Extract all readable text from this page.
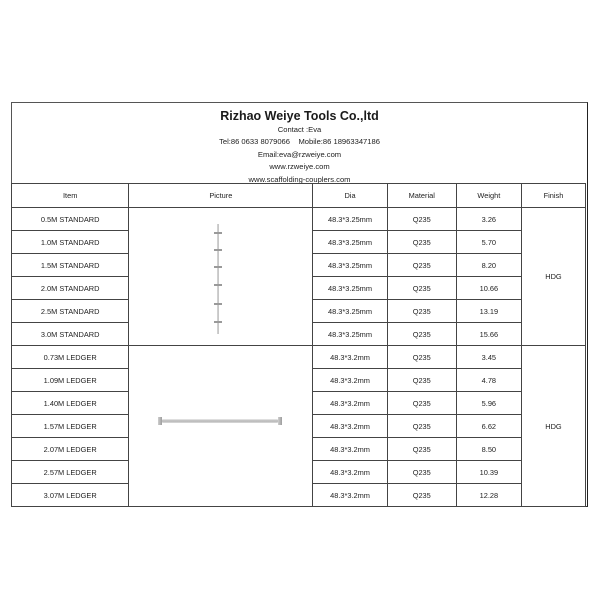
Rizhao Weiye Tools Co.,ltd
Contact :Eva
Tel:86 0633 8079066    Mobile:86 18963347186
Email:eva@rzweiye.com
www.rzweiye.com
www.scaffolding-couplers.com
Item	Picture	Dia	Material	Weight	Finish
0.5M STANDARD		48.3*3.25mm	Q235	3.26	HDG
1.0M STANDARD		48.3*3.25mm	Q235	5.70	
1.5M STANDARD		48.3*3.25mm	Q235	8.20	
2.0M STANDARD		48.3*3.25mm	Q235	10.66	
2.5M STANDARD		48.3*3.25mm	Q235	13.19	
3.0M STANDARD		48.3*3.25mm	Q235	15.66	
0.73M LEDGER		48.3*3.2mm	Q235	3.45	HDG
1.09M LEDGER		48.3*3.2mm	Q235	4.78	
1.40M LEDGER		48.3*3.2mm	Q235	5.96	
1.57M LEDGER		48.3*3.2mm	Q235	6.62	
2.07M LEDGER		48.3*3.2mm	Q235	8.50	
2.57M LEDGER		48.3*3.2mm	Q235	10.39	
3.07M LEDGER		48.3*3.2mm	Q235	12.28	
